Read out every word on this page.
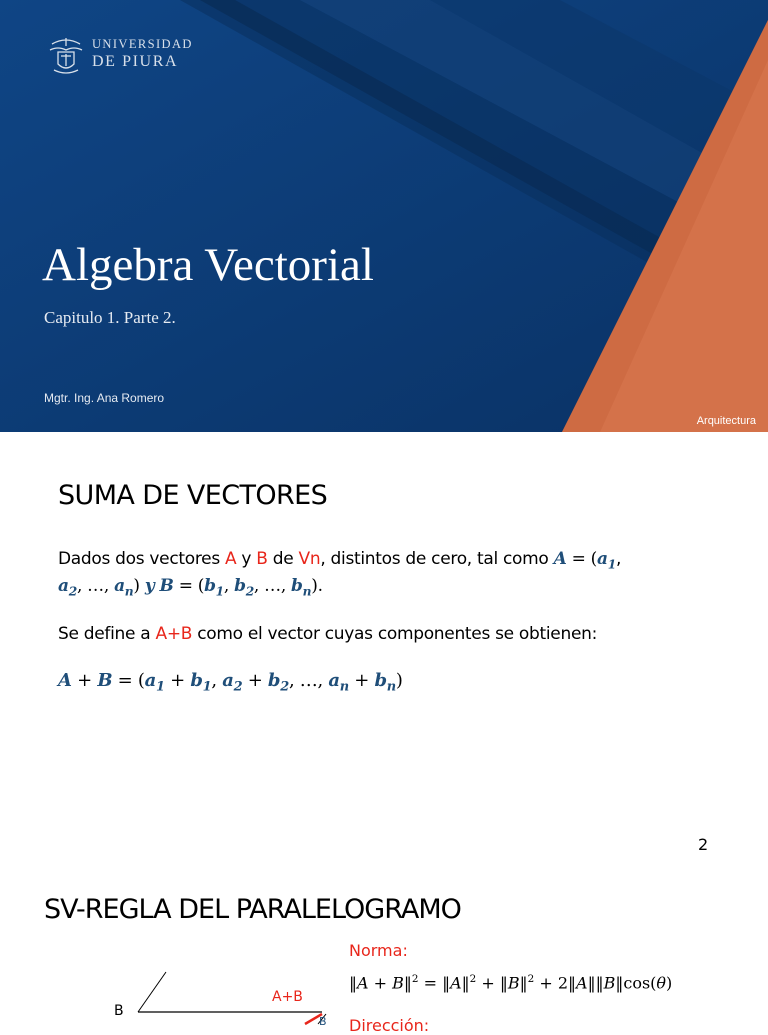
UNIVERSIDAD
DE PIURA
Algebra Vectorial
Capitulo 1. Parte 2.
Mgtr. Ing. Ana Romero
Arquitectura
SUMA DE VECTORES
Dados dos vectores A y B de Vn, distintos de cero, tal como $A = (a_1$,
$a_2$, …, $a_n$) y $B = (b_1$, $b_2$, …, $b_n$).
Se define a A+B como el vector cuyas componentes se obtienen:
$A + B = (a_1 + b_1$, $a_2 + b_2$, …, $a_n + b_n$)
2
SV-REGLA DEL PARALELOGRAMO
B
A+B
B
Norma:
‖A + B‖$^2$ = ‖A‖$^2$ + ‖B‖$^2$ + 2‖A‖‖B‖cos(θ)
Dirección:
